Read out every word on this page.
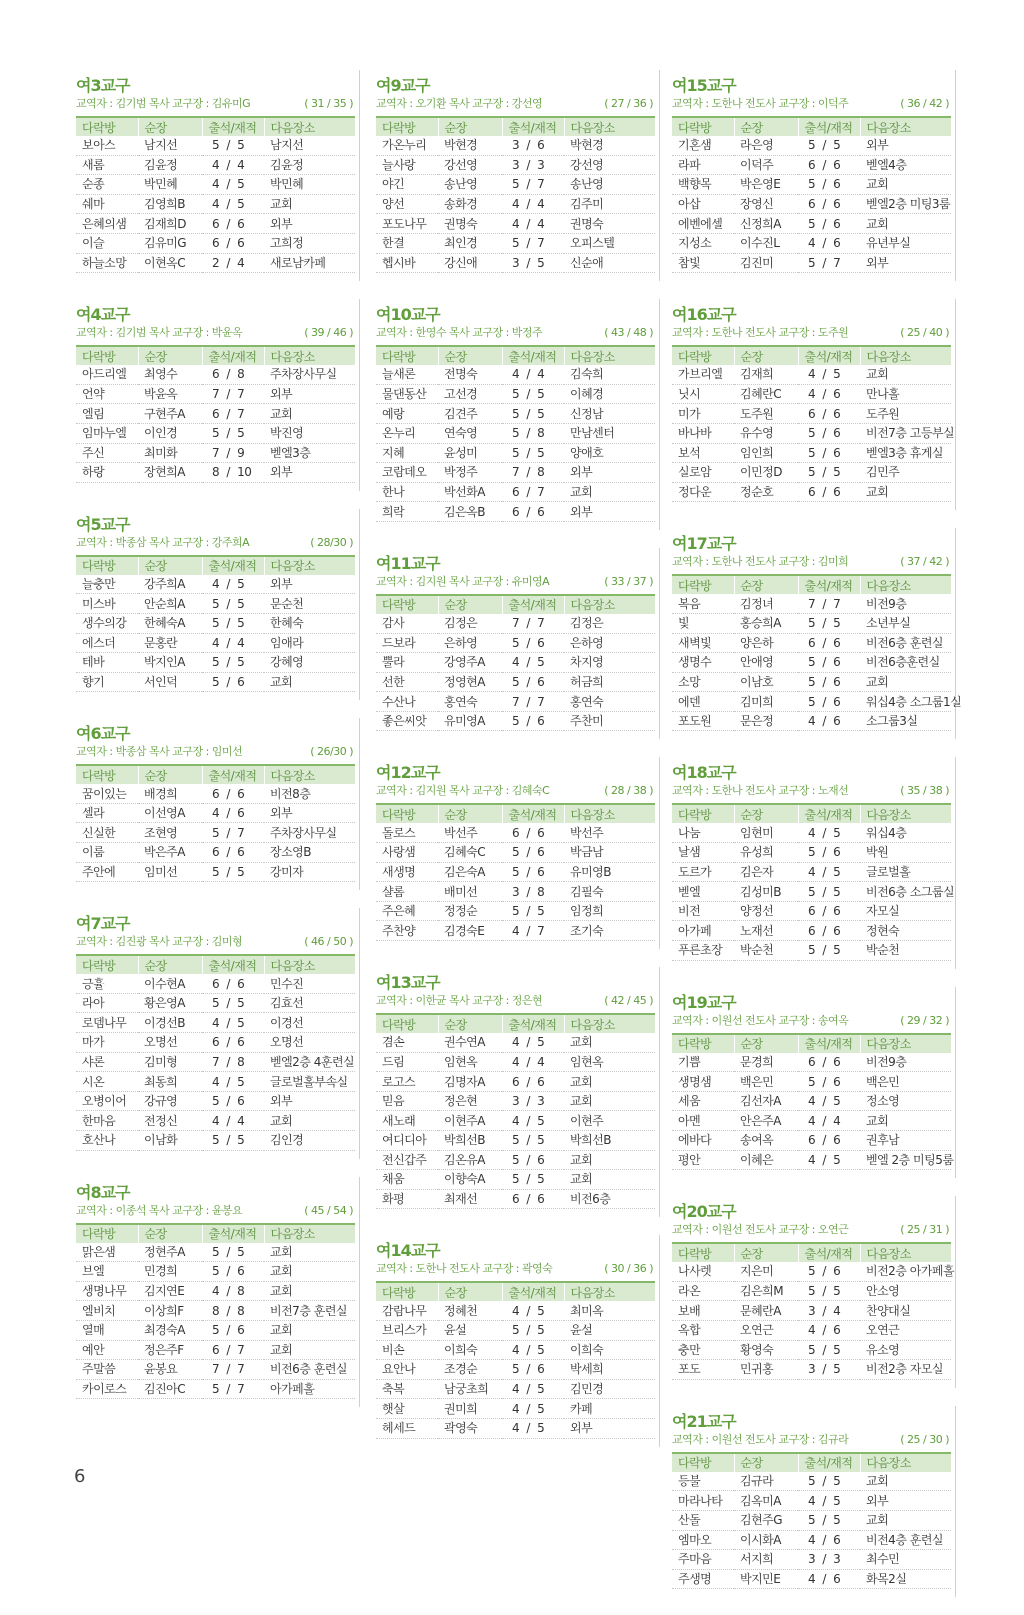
여3교구
교역자 : 김기범 목사 교구장 : 김유미G	( 31 / 35 )
다락방	순장	출석/재적	다음장소
보아스	남지선	5 / 5	남지선
새롬	김윤정	4 / 4	김윤정
순종	박민혜	4 / 5	박민혜
쉐마	김영희B	4 / 5	교회
은혜의샘	김재희D	6 / 6	외부
이슬	김유미G	6 / 6	고희정
하늘소망	이현옥C	2 / 4	새로남카페
여4교구
교역자 : 김기범 목사 교구장 : 박윤옥	( 39 / 46 )
다락방	순장	출석/재적	다음장소
아드리엘	최영수	6 / 8	주차장사무실
언약	박윤옥	7 / 7	외부
엘림	구현주A	6 / 7	교회
임마누엘	이인경	5 / 5	박진영
주신	최미화	7 / 9	벧엘3층
하랑	장현희A	8 / 10	외부
여5교구
교역자 : 박종삼 목사 교구장 : 강주희A	( 28/30 )
다락방	순장	출석/재적	다음장소
늘충만	강주희A	4 / 5	외부
미스바	안순희A	5 / 5	문순천
생수의강	한혜숙A	5 / 5	한혜숙
에스더	문홍란	4 / 4	임애라
테바	박지인A	5 / 5	강혜영
향기	서인덕	5 / 6	교회
여6교구
교역자 : 박종삼 목사 교구장 : 임미선	( 26/30 )
다락방	순장	출석/재적	다음장소
꿈이있는	배경희	6 / 6	비전8층
셀라	이선영A	4 / 6	외부
신실한	조현영	5 / 7	주차장사무실
이룸	박은주A	6 / 6	장소영B
주안에	임미선	5 / 5	강미자
여7교구
교역자 : 김진광 목사 교구장 : 김미형	( 46 / 50 )
다락방	순장	출석/재적	다음장소
긍휼	이수현A	6 / 6	민수진
라아	황은영A	5 / 5	김효선
로뎀나무	이경선B	4 / 5	이경선
마가	오명선	6 / 6	오명선
샤론	김미형	7 / 8	벧엘2층 4훈련실
시온	최동희	4 / 5	글로벌홀부속실
오병이어	강규영	5 / 6	외부
한마음	전정신	4 / 4	교회
호산나	이남화	5 / 5	김인경
여8교구
교역자 : 이종석 목사 교구장 : 윤봉요	( 45 / 54 )
다락방	순장	출석/재적	다음장소
맑은샘	정현주A	5 / 5	교회
브엘	민경희	5 / 6	교회
생명나무	김지연E	4 / 8	교회
엘비치	이상희F	8 / 8	비전7층 훈련실
열매	최경숙A	5 / 6	교회
예안	정은주F	6 / 7	교회
주말씀	윤봉요	7 / 7	비전6층 훈련실
카이로스	김진아C	5 / 7	아가페홀
여9교구
교역자 : 오기환 목사 교구장 : 강선영	( 27 / 36 )
다락방	순장	출석/재적	다음장소
가온누리	박현경	3 / 6	박현경
늘사랑	강선영	3 / 3	강선영
야긴	송난영	5 / 7	송난영
양선	송화경	4 / 4	김주미
포도나무	권명숙	4 / 4	권명숙
한결	최인경	5 / 7	오피스텔
헵시바	강신애	3 / 5	신순애
여10교구
교역자 : 한영수 목사 교구장 : 박정주	( 43 / 48 )
다락방	순장	출석/재적	다음장소
늘새론	전명숙	4 / 4	김숙희
물댄동산	고선경	5 / 5	이혜경
예랑	김견주	5 / 5	신정남
온누리	연숙영	5 / 8	만남센터
지혜	윤성미	5 / 5	양애호
코람데오	박정주	7 / 8	외부
한나	박선화A	6 / 7	교회
희락	김은옥B	6 / 6	외부
여11교구
교역자 : 김지원 목사 교구장 : 유미영A	( 33 / 37 )
다락방	순장	출석/재적	다음장소
감사	김정은	7 / 7	김정은
드보라	은하영	5 / 6	은하영
뿔라	강영주A	4 / 5	차지영
선한	정영현A	5 / 6	허금희
수산나	홍연숙	7 / 7	홍연숙
좋은씨앗	유미영A	5 / 6	주찬미
여12교구
교역자 : 김지원 목사 교구장 : 김혜숙C	( 28 / 38 )
다락방	순장	출석/재적	다음장소
돌로스	박선주	6 / 6	박선주
사랑샘	김혜숙C	5 / 6	박금남
새생명	김은숙A	5 / 6	유미영B
샬롬	배미선	3 / 8	김필숙
주은혜	정정순	5 / 5	임정희
주찬양	김경숙E	4 / 7	조기숙
여13교구
교역자 : 이한균 목사 교구장 : 정은현	( 42 / 45 )
다락방	순장	출석/재적	다음장소
겸손	권수연A	4 / 5	교회
드림	임현옥	4 / 4	임현옥
로고스	김명자A	6 / 6	교회
믿음	정은현	3 / 3	교회
새노래	이현주A	4 / 5	이현주
여디디아	박희선B	5 / 5	박희선B
전신갑주	김온유A	5 / 6	교회
채움	이향숙A	5 / 5	교회
화평	최재선	6 / 6	비전6층
여14교구
교역자 : 도한나 전도사 교구장 : 곽영숙	( 30 / 36 )
다락방	순장	출석/재적	다음장소
감람나무	정혜천	4 / 5	최미옥
브리스가	윤설	5 / 5	윤설
비손	이희숙	4 / 5	이희숙
요안나	조경순	5 / 6	박세희
축복	남궁초희	4 / 5	김민경
햇살	권미희	4 / 5	카페
헤세드	곽영숙	4 / 5	외부
여15교구
교역자 : 도한나 전도사 교구장 : 이덕주	( 36 / 42 )
다락방	순장	출석/재적	다음장소
기혼샘	라은영	5 / 5	외부
라파	이덕주	6 / 6	벧엘4층
백향목	박은영E	5 / 6	교회
아삽	장영신	6 / 6	벧엘2층 미팅3룸
에벤에셀	신정희A	5 / 6	교회
지성소	이수진L	4 / 6	유년부실
참빛	김진미	5 / 7	외부
여16교구
교역자 : 도한나 전도사 교구장 : 도주원	( 25 / 40 )
다락방	순장	출석/재적	다음장소
가브리엘	김재희	4 / 5	교회
닛시	김혜란C	4 / 6	만나홀
미가	도주원	6 / 6	도주원
바나바	유수영	5 / 6	비전7층 고등부실
보석	임인희	5 / 6	벧엘3층 휴게실
실로암	이민정D	5 / 5	김민주
정다운	정순호	6 / 6	교회
여17교구
교역자 : 도한나 전도사 교구장 : 김미희	( 37 / 42 )
다락방	순장	출석/재적	다음장소
복음	김정녀	7 / 7	비전9층
빛	홍승희A	5 / 5	소년부실
새벽빛	양은하	6 / 6	비전6층 훈련실
생명수	안애영	5 / 6	비전6층훈련실
소망	이남호	5 / 6	교회
에덴	김미희	5 / 6	워십4층 소그룹1실
포도원	문은정	4 / 6	소그룹3실
여18교구
교역자 : 도한나 전도사 교구장 : 노재선	( 35 / 38 )
다락방	순장	출석/재적	다음장소
나눔	임현미	4 / 5	워십4층
날샘	유성희	5 / 6	박원
도르가	김은자	4 / 5	글로벌홀
벧엘	김성미B	5 / 5	비전6층 소그룹실
비전	양정선	6 / 6	자모실
아가페	노재선	6 / 6	정현숙
푸른초장	박순천	5 / 5	박순천
여19교구
교역자 : 이원선 전도사 교구장 : 송여옥	( 29 / 32 )
다락방	순장	출석/재적	다음장소
기쁨	문경희	6 / 6	비전9층
생명샘	백은민	5 / 6	백은민
세움	김선자A	4 / 5	정소영
아멘	안은주A	4 / 4	교회
에바다	송여옥	6 / 6	권후남
평안	이혜은	4 / 5	벧엘 2층 미팅5룸
여20교구
교역자 : 이원선 전도사 교구장 : 오연근	( 25 / 31 )
다락방	순장	출석/재적	다음장소
나사렛	지은미	5 / 6	비전2층 아가페홀
라온	김은희M	5 / 5	안소영
보배	문혜란A	3 / 4	찬양대실
옥합	오연근	4 / 6	오연근
충만	황영숙	5 / 5	유소영
포도	민귀홍	3 / 5	비전2층 자모실
여21교구
교역자 : 이원선 전도사 교구장 : 김규라	( 25 / 30 )
다락방	순장	출석/재적	다음장소
등불	김규라	5 / 5	교회
마라나타	김옥미A	4 / 5	외부
산돌	김현주G	5 / 5	교회
엠마오	이시화A	4 / 6	비전4층 훈련실
주마음	서지희	3 / 3	최수민
주생명	박지민E	4 / 6	화목2실
6
